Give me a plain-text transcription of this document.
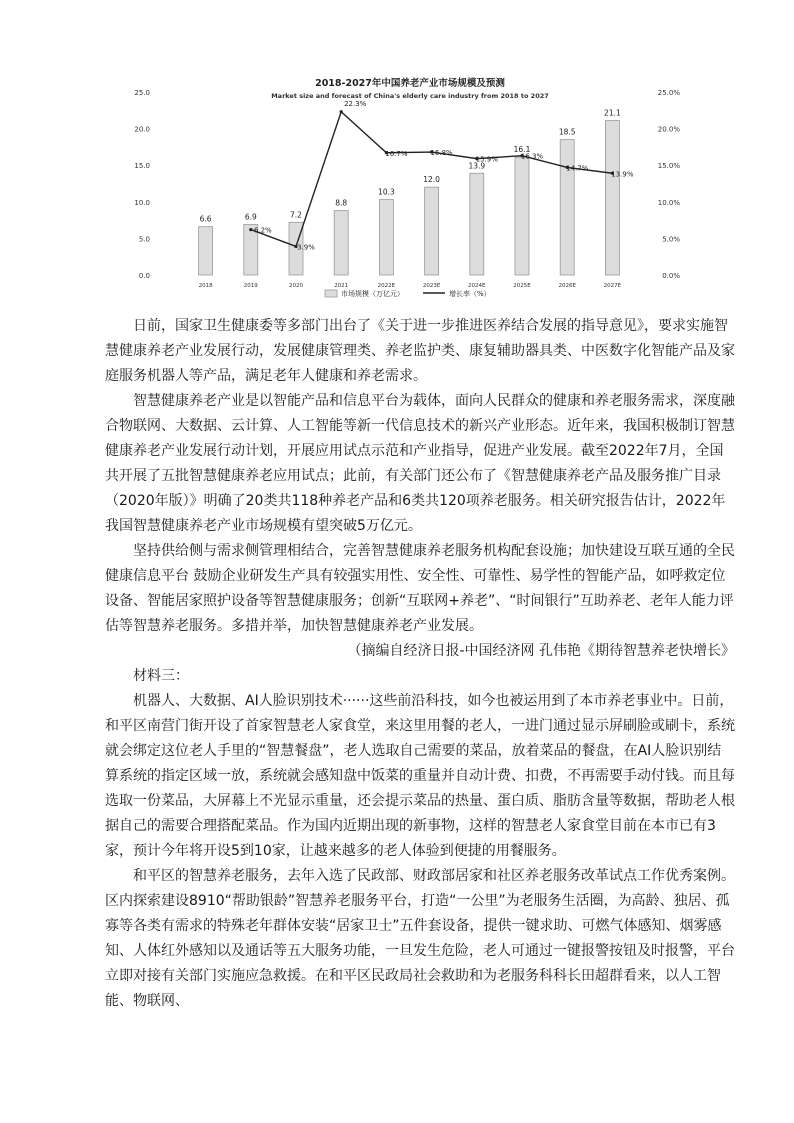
2018-2027年中国养老产业市场规模及预测
Market size and forecast of China's elderly care industry from 2018 to 2027
0.0
5.0
10.0
15.0
20.0
25.0
0.0%
5.0%
10.0%
15.0%
20.0%
25.0%
6.6
2018
6.9
2019
7.2
2020
8.8
2021
10.3
2022E
12.0
2023E
13.9
2024E
16.1
2025E
18.5
2026E
21.1
2027E
6.2%
3.9%
22.3%
16.7%	16.8%
15.9%	16.3%
14.7%
13.9%
市场规模（万亿元）	增长率（%）

日前，国家卫生健康委等多部门出台了《关于进一步推进医养结合发展的指导意见》，要求实施智慧健康养老产业发展行动，发展健康管理类、养老监护类、康复辅助器具类、中医数字化智能产品及家庭服务机器人等产品，满足老年人健康和养老需求。

智慧健康养老产业是以智能产品和信息平台为载体，面向人民群众的健康和养老服务需求，深度融合物联网、大数据、云计算、人工智能等新一代信息技术的新兴产业形态。近年来，我国积极制订智慧健康养老产业发展行动计划，开展应用试点示范和产业指导，促进产业发展。截至2022年7月，全国共开展了五批智慧健康养老应用试点；此前，有关部门还公布了《智慧健康养老产品及服务推广目录（2020年版）》明确了20类共118种养老产品和6类共120项养老服务。相关研究报告估计，2022年我国智慧健康养老产业市场规模有望突破5万亿元。

坚持供给侧与需求侧管理相结合，完善智慧健康养老服务机构配套设施；加快建设互联互通的全民健康信息平台 鼓励企业研发生产具有较强实用性、安全性、可靠性、易学性的智能产品，如呼救定位设备、智能居家照护设备等智慧健康服务；创新“互联网+养老”、“时间银行”互助养老、老年人能力评估等智慧养老服务。多措并举，加快智慧健康养老产业发展。

（摘编自经济日报-中国经济网 孔伟艳《期待智慧养老快增长》

材料三：

机器人、大数据、AI人脸识别技术······这些前沿科技，如今也被运用到了本市养老事业中。日前，和平区南营门街开设了首家智慧老人家食堂，来这里用餐的老人，一进门通过显示屏刷脸或刷卡，系统就会绑定这位老人手里的“智慧餐盘”，老人选取自己需要的菜品，放着菜品的餐盘，在AI人脸识别结算系统的指定区域一放，系统就会感知盘中饭菜的重量并自动计费、扣费，不再需要手动付钱。而且每选取一份菜品，大屏幕上不光显示重量，还会提示菜品的热量、蛋白质、脂肪含量等数据，帮助老人根据自己的需要合理搭配菜品。作为国内近期出现的新事物，这样的智慧老人家食堂目前在本市已有3家，预计今年将开设5到10家，让越来越多的老人体验到便捷的用餐服务。

和平区的智慧养老服务，去年入选了民政部、财政部居家和社区养老服务改革试点工作优秀案例。区内探索建设8910“帮助银龄”智慧养老服务平台，打造“一公里”为老服务生活圈，为高龄、独居、孤寡等各类有需求的特殊老年群体安装“居家卫士”五件套设备，提供一键求助、可燃气体感知、烟雾感知、人体红外感知以及通话等五大服务功能，一旦发生危险，老人可通过一键报警按钮及时报警，平台立即对接有关部门实施应急救援。在和平区民政局社会救助和为老服务科科长田超群看来，以人工智能、物联网、
